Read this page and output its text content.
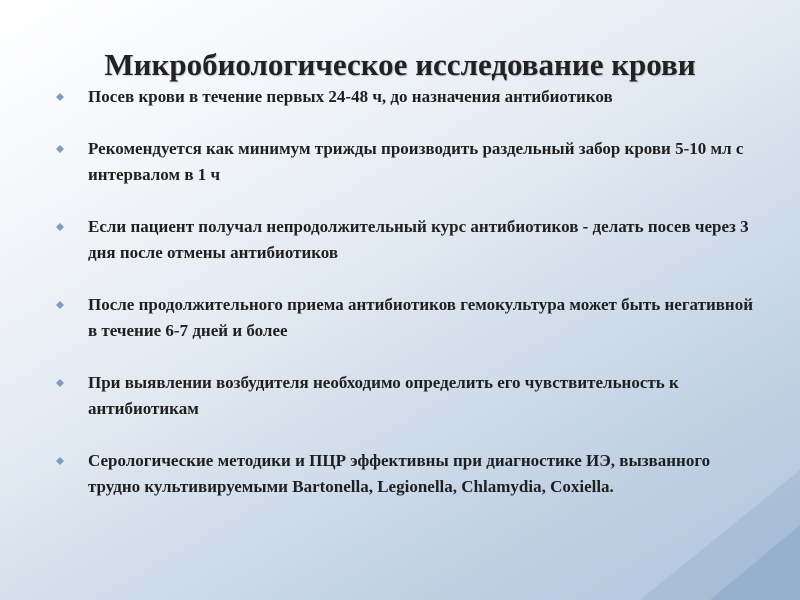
Микробиологическое исследование крови
Посев крови в течение первых 24-48 ч, до назначения антибиотиков
Рекомендуется как минимум трижды производить раздельный забор крови 5-10 мл с интервалом в 1 ч
Если пациент получал непродолжительный курс антибиотиков - делать посев через 3 дня после отмены антибиотиков
После продолжительного приема антибиотиков гемокультура может быть негативной в течение 6-7 дней и более
При выявлении возбудителя необходимо определить его чувствительность к антибиотикам
Серологические методики и ПЦР эффективны при диагностике ИЭ, вызванного трудно культивируемыми Bartonella, Legionella, Chlamydia, Coxiella.
